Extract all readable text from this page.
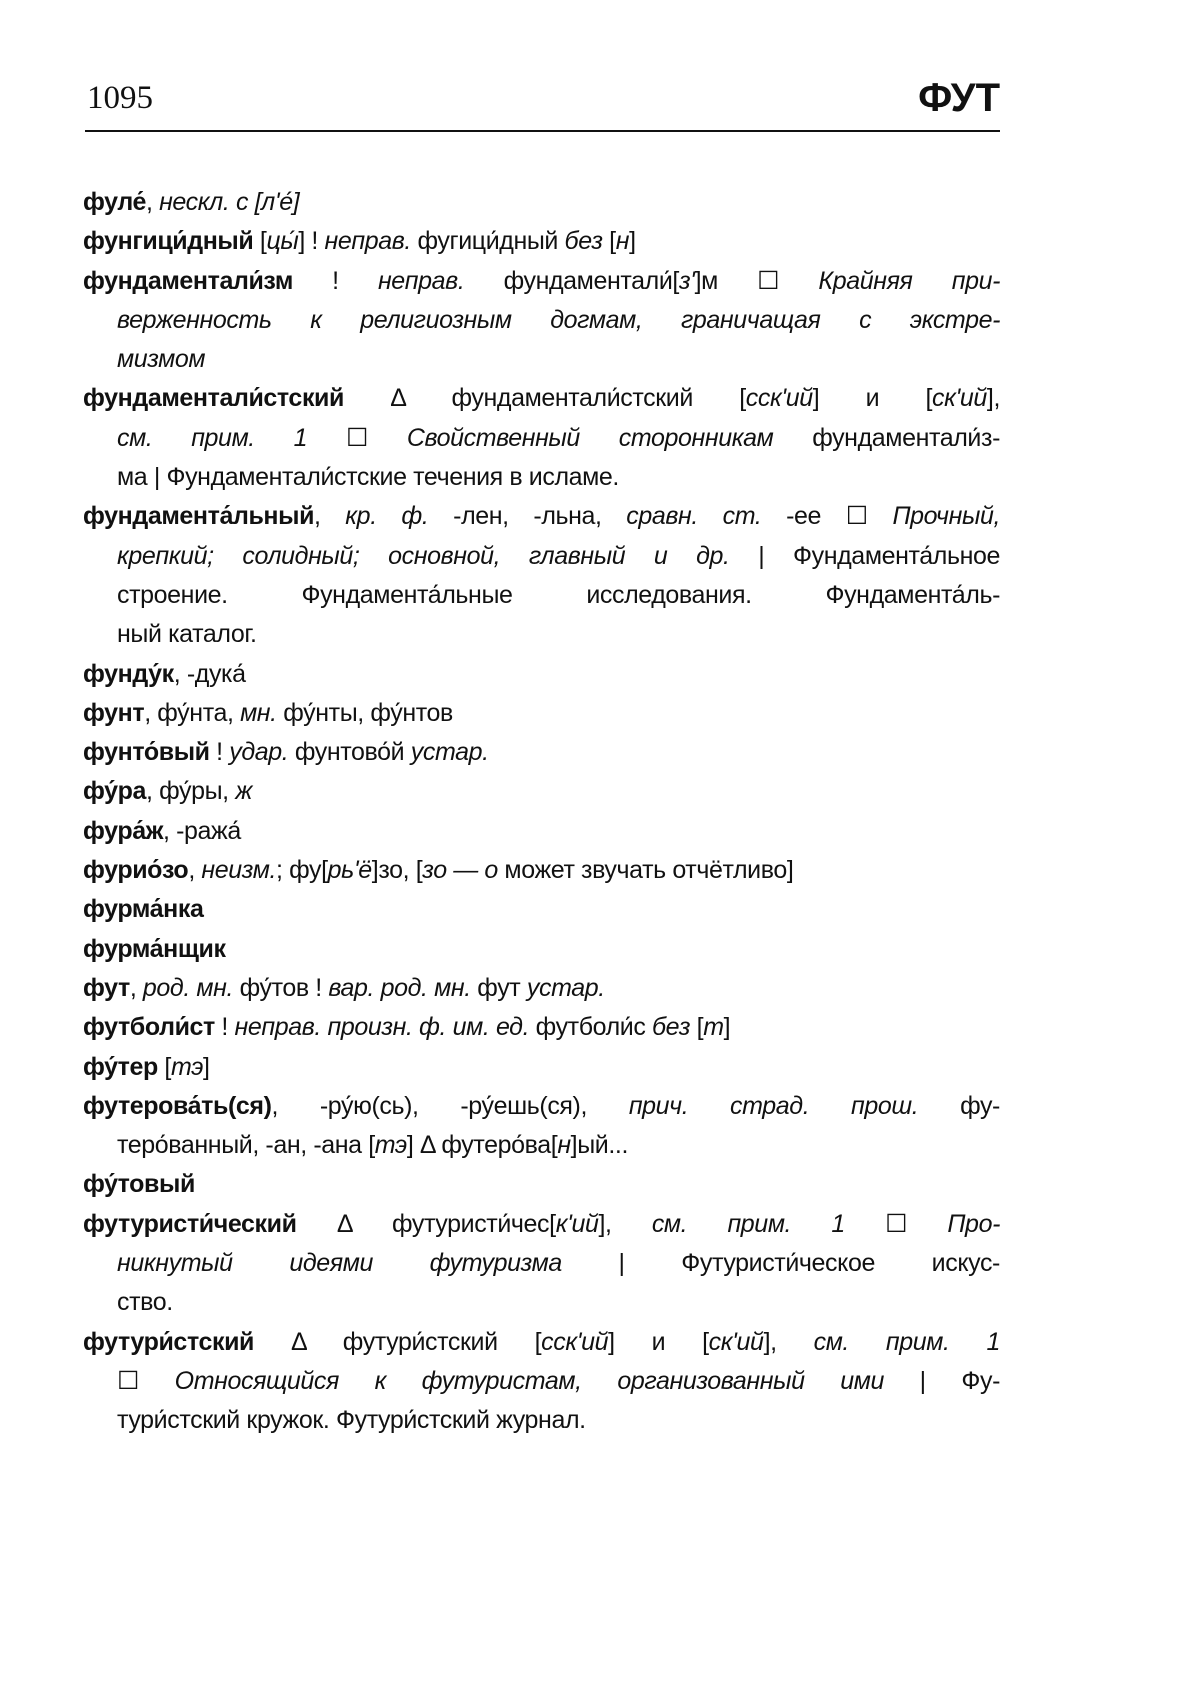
1095	ФУТ
фуле́, нескл. с [л'е́]
фунгици́дный [цы́] ! неправ. фугици́дный без [н]
фундаментали́зм ! неправ. фундаментали́[з']м ☐ Крайняя при-
верженность к религиозным догмам, граничащая с экстре-
мизмом
фундаментали́стский Δ фундаментали́стский [сск'ий] и [ск'ий],
см. прим. 1 ☐ Свойственный сторонникам фундаментали́з-
ма | Фундаментали́стские течения в исламе.
фундамента́льный, кр. ф. -лен, -льна, сравн. ст. -ее ☐ Прочный,
крепкий; солидный; основной, главный и др. | Фундамента́льное
строение. Фундамента́льные исследования. Фундамента́ль-
ный каталог.
фунду́к, -дука́
фунт, фу́нта, мн. фу́нты, фу́нтов
фунто́вый ! удар. фунтово́й устар.
фу́ра, фу́ры, ж
фура́ж, -ража́
фурио́зо, неизм.; фу[рь'ё]зо, [зо — о может звучать отчётливо]
фурма́нка
фурма́нщик
фут, род. мн. фу́тов ! вар. род. мн. фут устар.
футболи́ст ! неправ. произн. ф. им. ед. футболи́с без [т]
фу́тер [тэ]
футерова́ть(ся), -ру́ю(сь), -ру́ешь(ся), прич. страд. прош. фу-
теро́ванный, -ан, -ана [тэ] Δ футеро́ва[н]ый...
фу́товый
футуристи́ческий Δ футуристи́чес[к'ий], см. прим. 1 ☐ Про-
никнутый идеями футуризма | Футуристи́ческое искус-
ство.
футури́стский Δ футури́стский [сск'ий] и [ск'ий], см. прим. 1
☐ Относящийся к футуристам, организованный ими | Фу-
тури́стский кружок. Футури́стский журнал.
